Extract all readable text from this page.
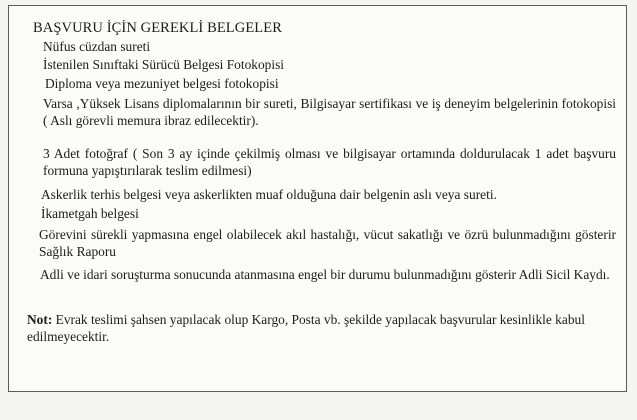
BAŞVURU İÇİN GEREKLİ BELGELER

Nüfus cüzdan sureti

İstenilen Sınıftaki Sürücü Belgesi Fotokopisi

Diploma veya mezuniyet belgesi fotokopisi

Varsa ,Yüksek Lisans diplomalarının bir sureti, Bilgisayar sertifikası ve iş deneyim belgelerinin fotokopisi ( Aslı görevli memura ibraz edilecektir).

3 Adet fotoğraf ( Son 3 ay içinde çekilmiş olması ve bilgisayar ortamında doldurulacak 1 adet başvuru formuna yapıştırılarak teslim edilmesi)

Askerlik terhis belgesi veya askerlikten muaf olduğuna dair belgenin aslı veya sureti.

İkametgah belgesi

Görevini sürekli yapmasına engel olabilecek akıl hastalığı, vücut sakatlığı ve özrü bulunmadığını gösterir Sağlık Raporu

Adli ve idari soruşturma sonucunda atanmasına engel bir durumu bulunmadığını gösterir Adli Sicil Kaydı.

Not: Evrak teslimi şahsen yapılacak olup Kargo, Posta vb. şekilde yapılacak başvurular kesinlikle kabul edilmeyecektir.
